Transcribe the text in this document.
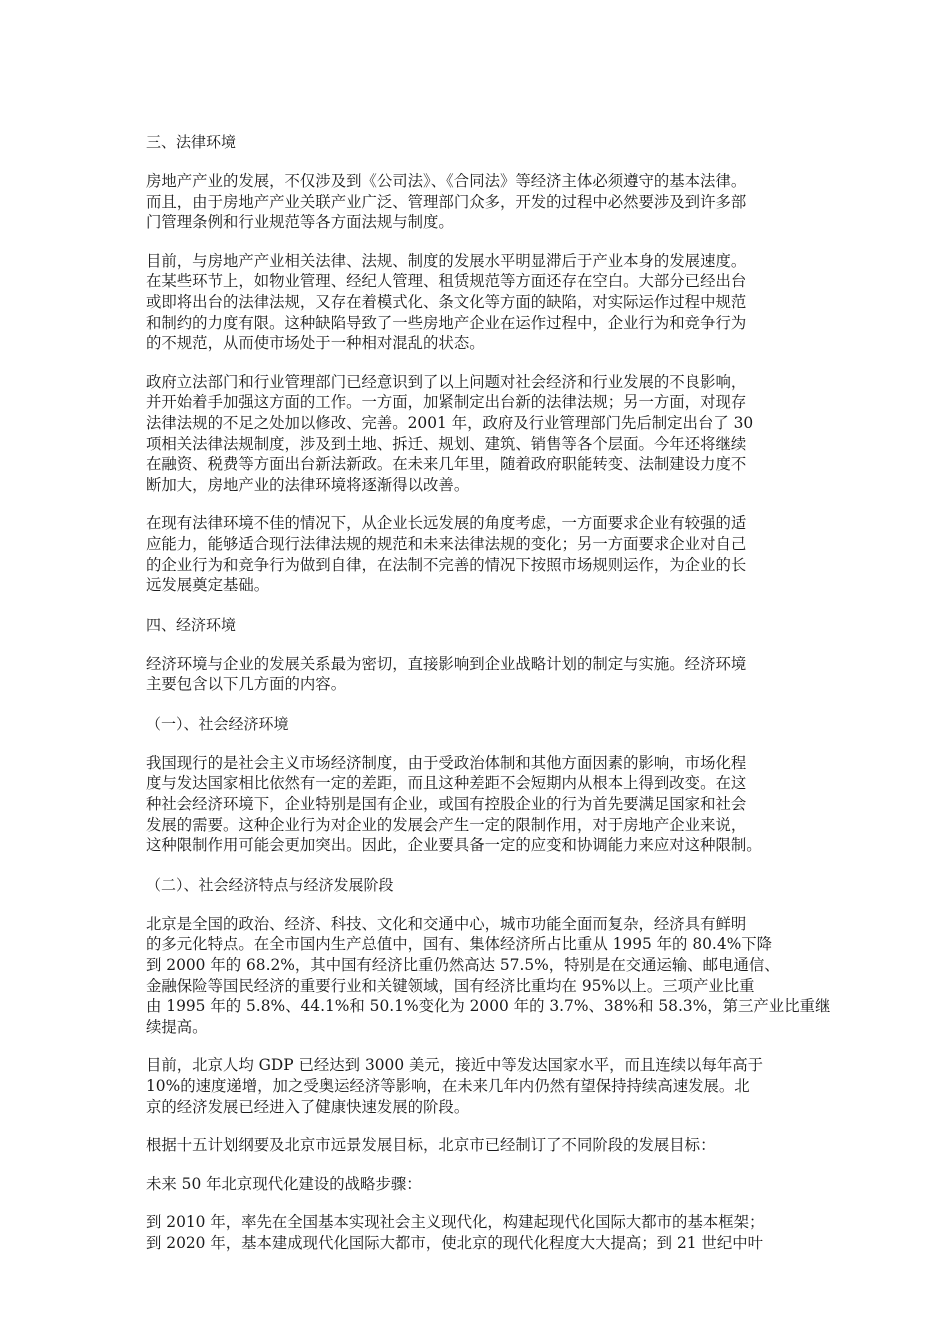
三、法律环境
房地产产业的发展，不仅涉及到《公司法》、《合同法》等经济主体必须遵守的基本法律。
而且，由于房地产产业关联产业广泛、管理部门众多，开发的过程中必然要涉及到许多部
门管理条例和行业规范等各方面法规与制度。
目前，与房地产产业相关法律、法规、制度的发展水平明显滞后于产业本身的发展速度。
在某些环节上，如物业管理、经纪人管理、租赁规范等方面还存在空白。大部分已经出台
或即将出台的法律法规，又存在着模式化、条文化等方面的缺陷，对实际运作过程中规范
和制约的力度有限。这种缺陷导致了一些房地产企业在运作过程中，企业行为和竞争行为
的不规范，从而使市场处于一种相对混乱的状态。
政府立法部门和行业管理部门已经意识到了以上问题对社会经济和行业发展的不良影响，
并开始着手加强这方面的工作。一方面，加紧制定出台新的法律法规；另一方面，对现存
法律法规的不足之处加以修改、完善。2001 年，政府及行业管理部门先后制定出台了 30
项相关法律法规制度，涉及到土地、拆迁、规划、建筑、销售等各个层面。今年还将继续
在融资、税费等方面出台新法新政。在未来几年里，随着政府职能转变、法制建设力度不
断加大，房地产业的法律环境将逐渐得以改善。
在现有法律环境不佳的情况下，从企业长远发展的角度考虑，一方面要求企业有较强的适
应能力，能够适合现行法律法规的规范和未来法律法规的变化；另一方面要求企业对自己
的企业行为和竞争行为做到自律，在法制不完善的情况下按照市场规则运作，为企业的长
远发展奠定基础。
四、经济环境
经济环境与企业的发展关系最为密切，直接影响到企业战略计划的制定与实施。经济环境
主要包含以下几方面的内容。
（一）、社会经济环境
我国现行的是社会主义市场经济制度，由于受政治体制和其他方面因素的影响，市场化程
度与发达国家相比依然有一定的差距，而且这种差距不会短期内从根本上得到改变。在这
种社会经济环境下，企业特别是国有企业，或国有控股企业的行为首先要满足国家和社会
发展的需要。这种企业行为对企业的发展会产生一定的限制作用，对于房地产企业来说，
这种限制作用可能会更加突出。因此，企业要具备一定的应变和协调能力来应对这种限制。
（二）、社会经济特点与经济发展阶段
北京是全国的政治、经济、科技、文化和交通中心，城市功能全面而复杂，经济具有鲜明
的多元化特点。在全市国内生产总值中，国有、集体经济所占比重从 1995 年的 80.4%下降
到 2000 年的 68.2%，其中国有经济比重仍然高达 57.5%，特别是在交通运输、邮电通信、
金融保险等国民经济的重要行业和关键领域，国有经济比重均在 95%以上。三项产业比重
由 1995 年的 5.8%、44.1%和 50.1%变化为 2000 年的 3.7%、38%和 58.3%，第三产业比重继
续提高。
目前，北京人均 GDP 已经达到 3000 美元，接近中等发达国家水平，而且连续以每年高于
10%的速度递增，加之受奥运经济等影响，在未来几年内仍然有望保持持续高速发展。北
京的经济发展已经进入了健康快速发展的阶段。
根据十五计划纲要及北京市远景发展目标，北京市已经制订了不同阶段的发展目标：
未来 50 年北京现代化建设的战略步骤：
到 2010 年，率先在全国基本实现社会主义现代化，构建起现代化国际大都市的基本框架；
到 2020 年，基本建成现代化国际大都市，使北京的现代化程度大大提高；到 21 世纪中叶
